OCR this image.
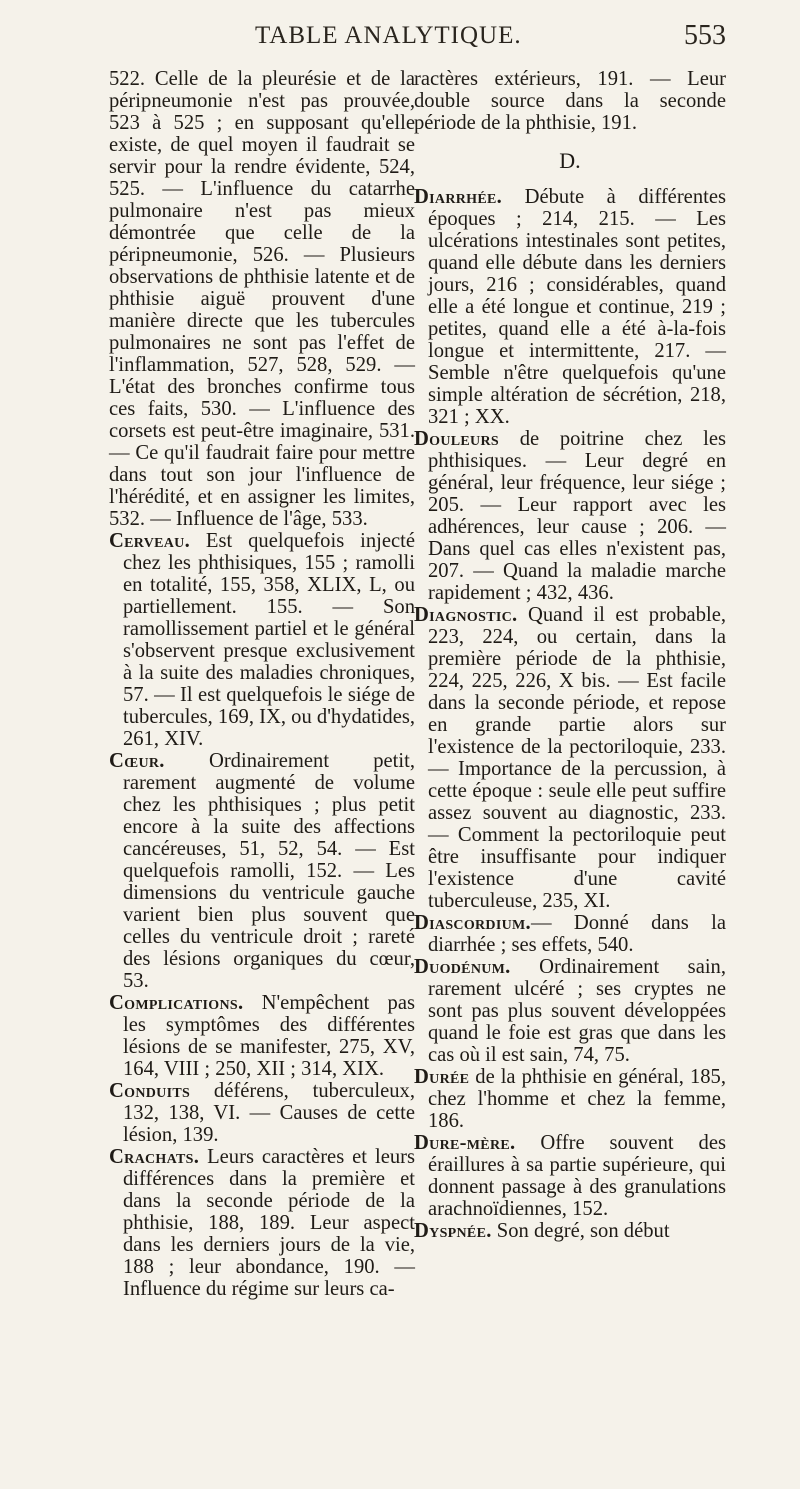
TABLE ANALYTIQUE.	553

522. Celle de la pleurésie et de la péripneumonie n'est pas prouvée, 523 à 525 ; en supposant qu'elle existe, de quel moyen il faudrait se servir pour la rendre évidente, 524, 525. — L'influence du catarrhe pulmonaire n'est pas mieux démontrée que celle de la péripneumonie, 526. — Plusieurs observations de phthisie latente et de phthisie aiguë prouvent d'une manière directe que les tubercules pulmonaires ne sont pas l'effet de l'inflammation, 527, 528, 529. — L'état des bronches confirme tous ces faits, 530. — L'influence des corsets est peut-être imaginaire, 531. — Ce qu'il faudrait faire pour mettre dans tout son jour l'influence de l'hérédité, et en assigner les limites, 532. — Influence de l'âge, 533.

Cerveau. Est quelquefois injecté chez les phthisiques, 155 ; ramolli en totalité, 155, 358, XLIX, L, ou partiellement. 155. — Son ramollissement partiel et le général s'observent presque exclusivement à la suite des maladies chroniques, 57. — Il est quelquefois le siége de tubercules, 169, IX, ou d'hydatides, 261, XIV.

Cœur. Ordinairement petit, rarement augmenté de volume chez les phthisiques ; plus petit encore à la suite des affections cancéreuses, 51, 52, 54. — Est quelquefois ramolli, 152. — Les dimensions du ventricule gauche varient bien plus souvent que celles du ventricule droit ; rareté des lésions organiques du cœur, 53.

Complications. N'empêchent pas les symptômes des différentes lésions de se manifester, 275, XV, 164, VIII ; 250, XII ; 314, XIX.

Conduits déférens, tuberculeux, 132, 138, VI. — Causes de cette lésion, 139.

Crachats. Leurs caractères et leurs différences dans la première et dans la seconde période de la phthisie, 188, 189. Leur aspect dans les derniers jours de la vie, 188 ; leur abondance, 190. — Influence du régime sur leurs ca-

ractères extérieurs, 191. — Leur double source dans la seconde période de la phthisie, 191.

D.

Diarrhée. Débute à différentes époques ; 214, 215. — Les ulcérations intestinales sont petites, quand elle débute dans les derniers jours, 216 ; considérables, quand elle a été longue et continue, 219 ; petites, quand elle a été à-la-fois longue et intermittente, 217. — Semble n'être quelquefois qu'une simple altération de sécrétion, 218, 321 ; XX.

Douleurs de poitrine chez les phthisiques. — Leur degré en général, leur fréquence, leur siége ; 205. — Leur rapport avec les adhérences, leur cause ; 206. — Dans quel cas elles n'existent pas, 207. — Quand la maladie marche rapidement ; 432, 436.

Diagnostic. Quand il est probable, 223, 224, ou certain, dans la première période de la phthisie, 224, 225, 226, X bis. — Est facile dans la seconde période, et repose en grande partie alors sur l'existence de la pectoriloquie, 233. — Importance de la percussion, à cette époque : seule elle peut suffire assez souvent au diagnostic, 233. — Comment la pectoriloquie peut être insuffisante pour indiquer l'existence d'une cavité tuberculeuse, 235, XI.

Diascordium.— Donné dans la diarrhée ; ses effets, 540.

Duodénum. Ordinairement sain, rarement ulcéré ; ses cryptes ne sont pas plus souvent développées quand le foie est gras que dans les cas où il est sain, 74, 75.

Durée de la phthisie en général, 185, chez l'homme et chez la femme, 186.

Dure-mère. Offre souvent des éraillures à sa partie supérieure, qui donnent passage à des granulations arachnoïdiennes, 152.

Dyspnée. Son degré, son début
